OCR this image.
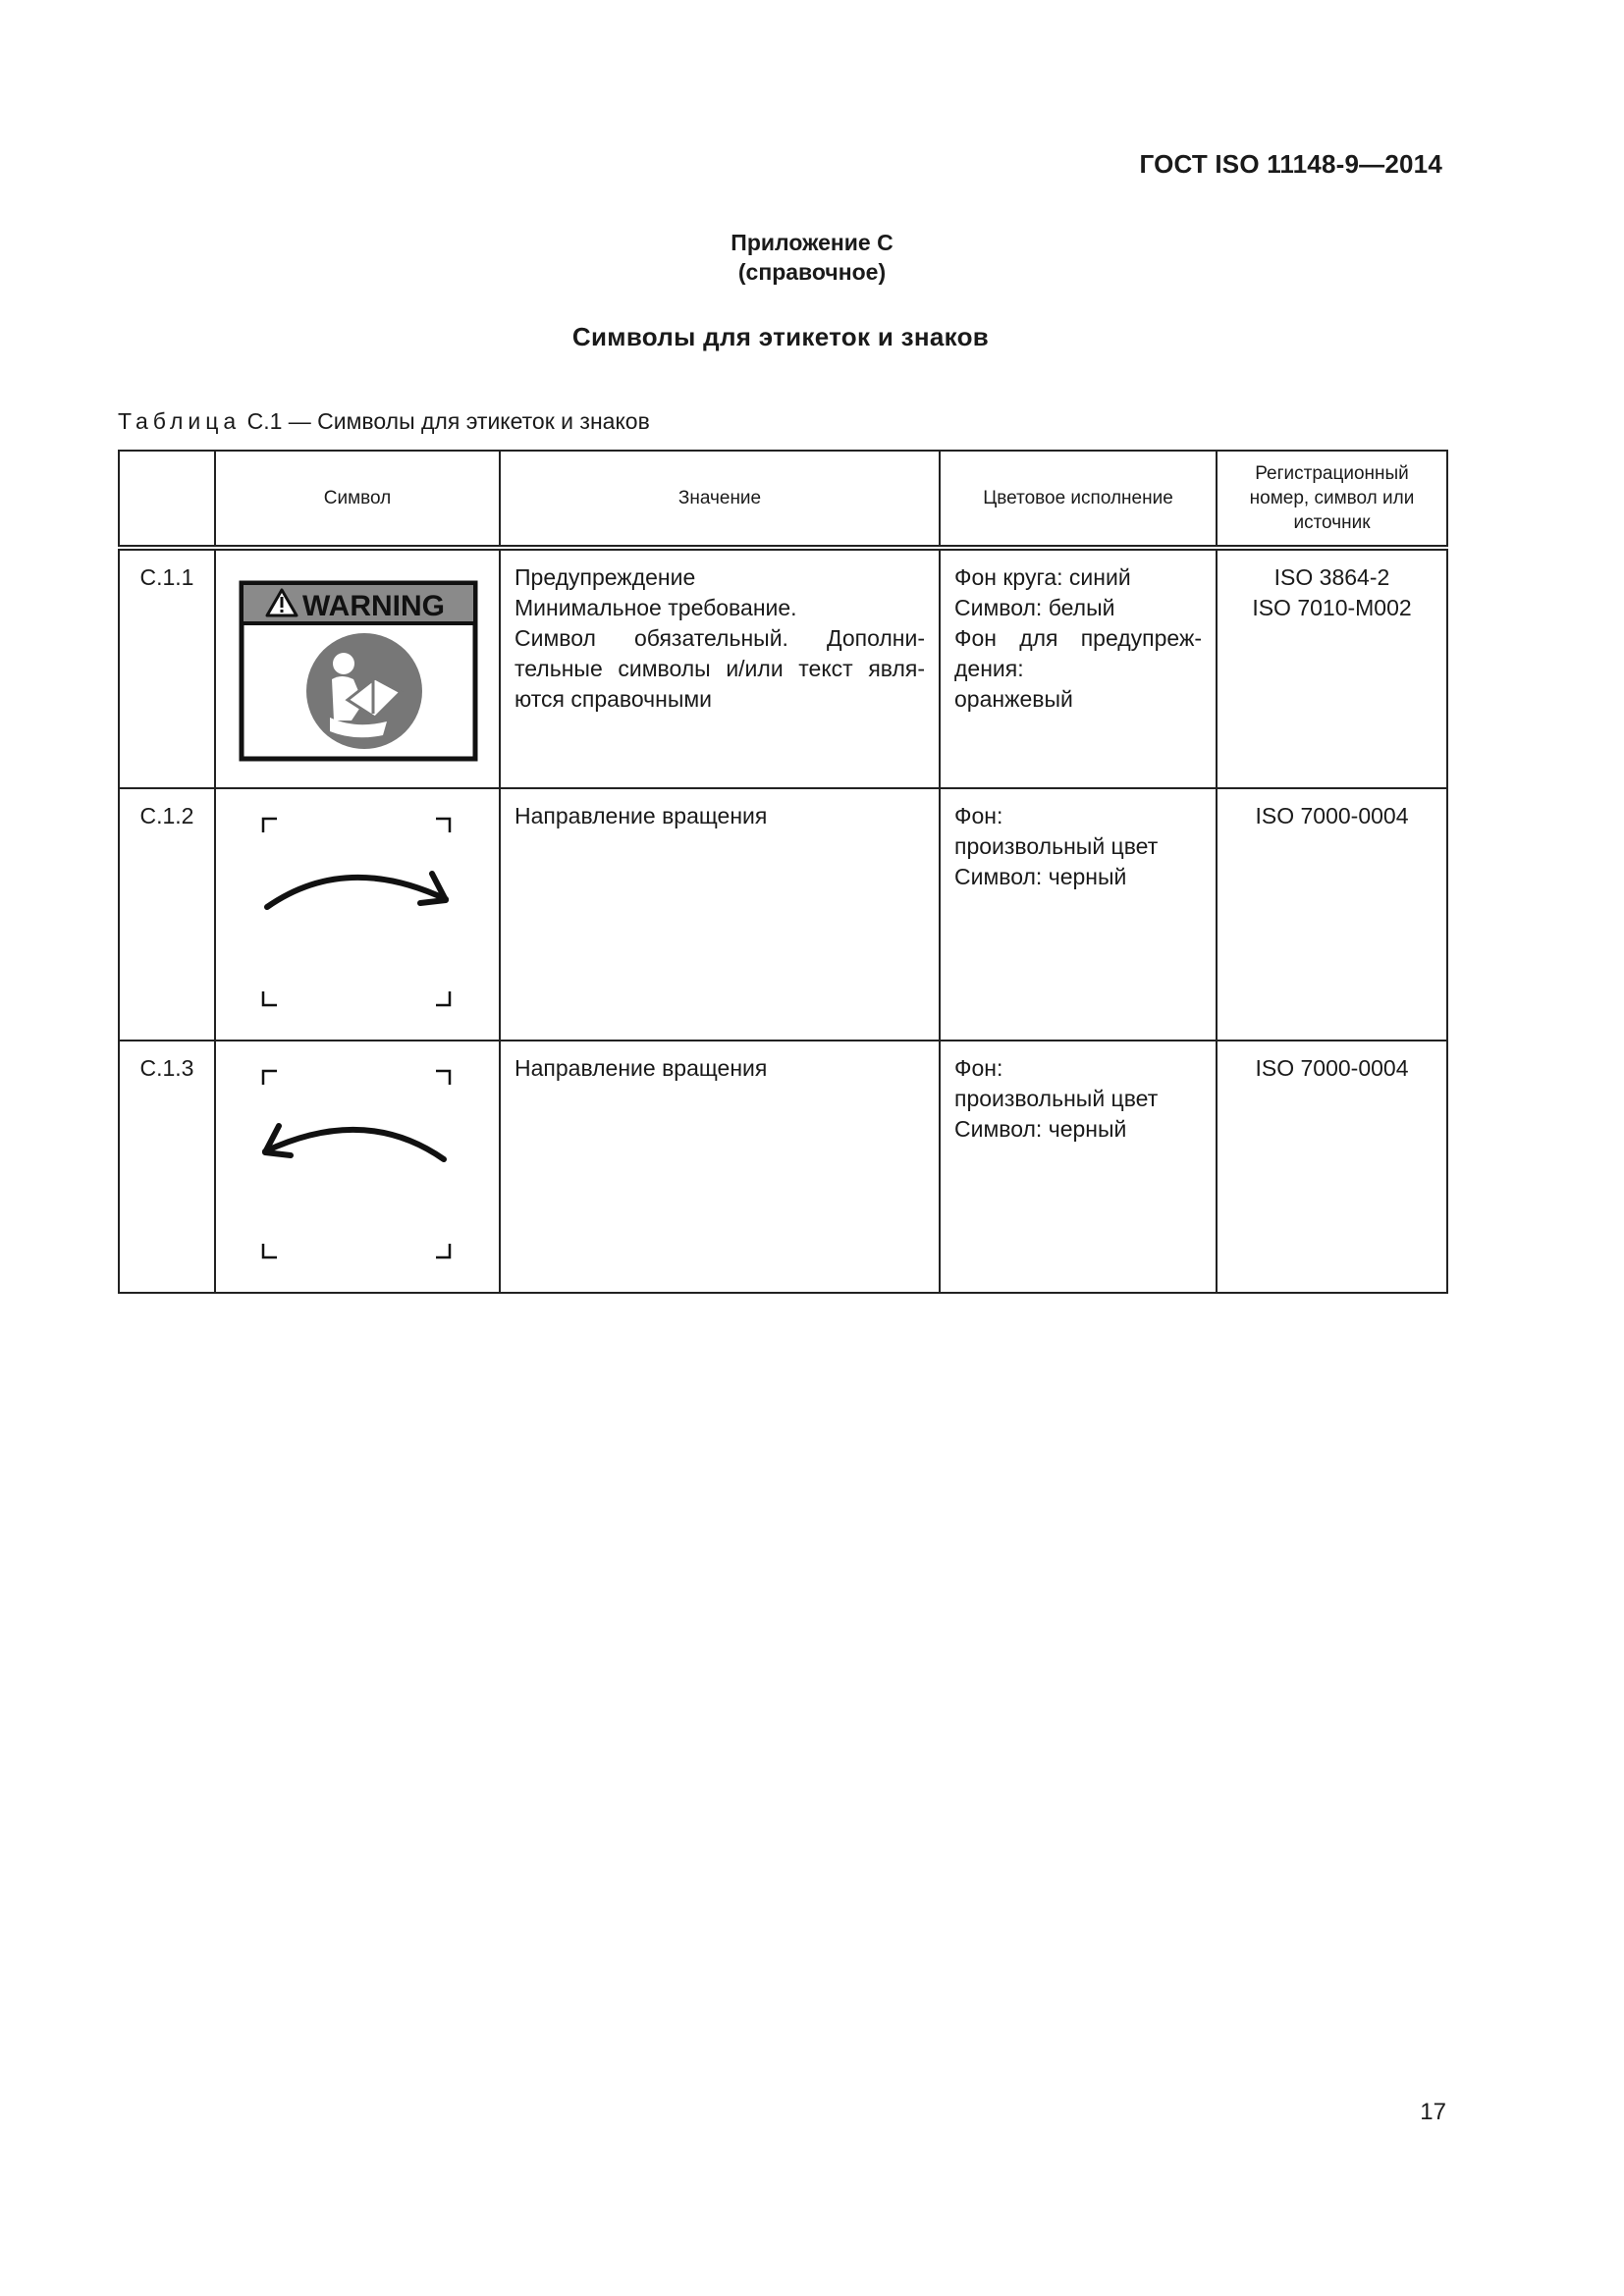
ГОСТ ISO 11148-9—2014
Приложение С
(справочное)
Символы для этикеток и знаков
Таблица С.1 — Символы для этикеток и знаков
	Символ	Значение	Цветовое исполнение	Регистрационный номер, символ или источник
С.1.1	WARNING	Предупреждение
Минимальное требование.
Символ обязательный. Дополни-
тельные символы и/или текст явля-
ются справочными	Фон круга: синий
Символ: белый
Фон для предупреж-
дения:
оранжевый	ISO 3864-2
ISO 7010-M002

С.1.2		Направление вращения	Фон:
произвольный цвет
Символ: черный	ISO 7000-0004

С.1.3		Направление вращения	Фон:
произвольный цвет
Символ: черный	ISO 7000-0004
17
